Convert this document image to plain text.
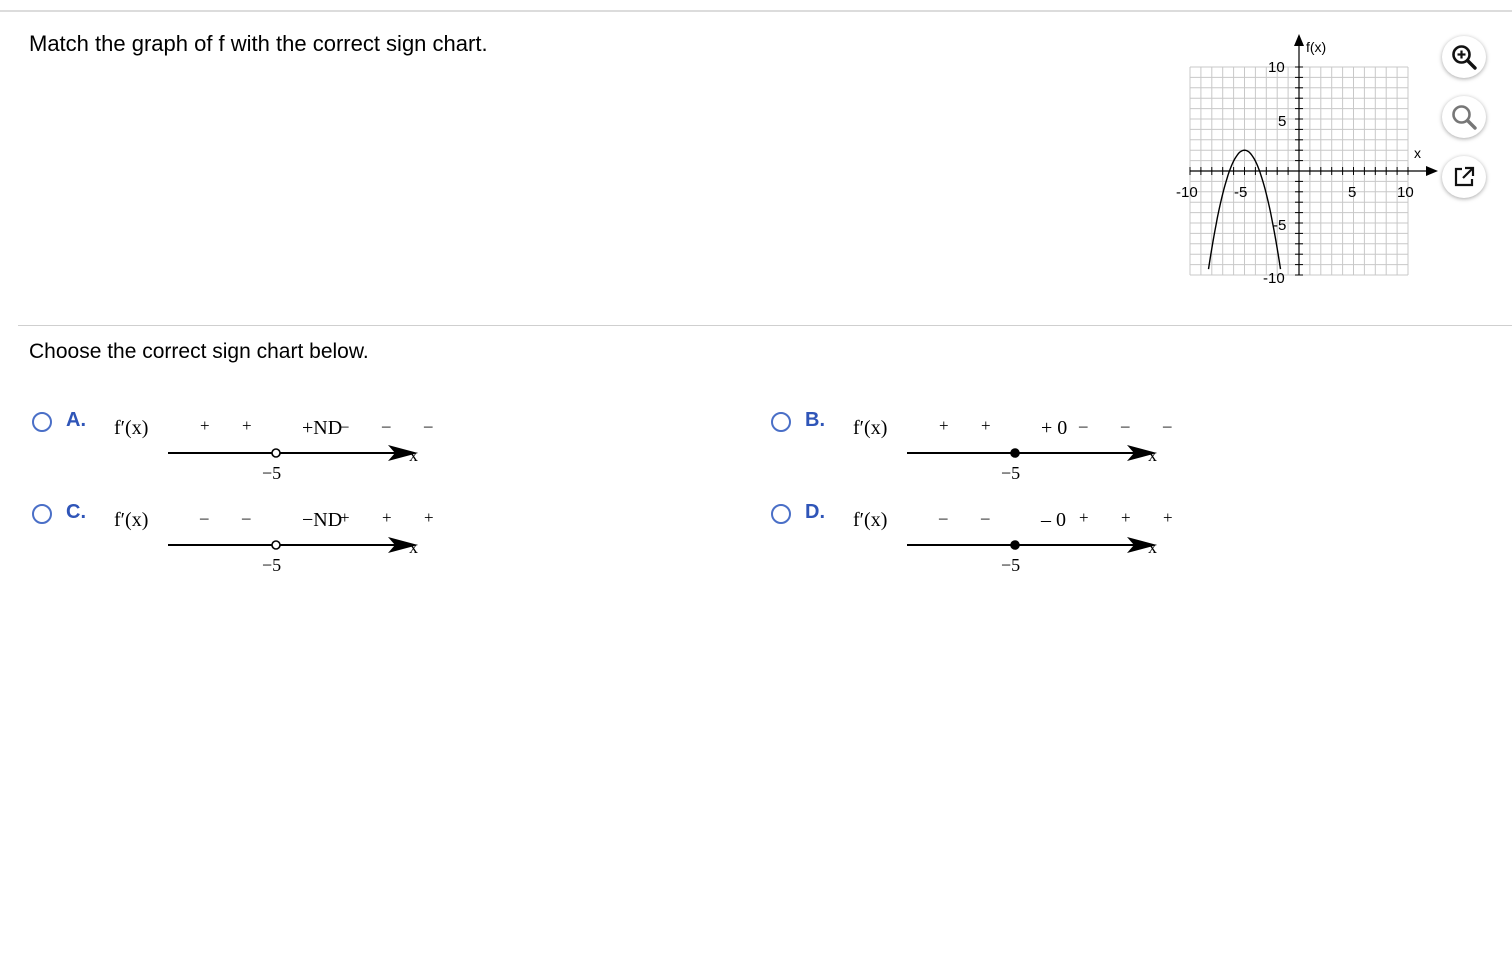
Match the graph of f with the correct sign chart.	f(x)
x
-10 -5	5	10
10
5
-5
-10
Choose the correct sign chart below.
A. f′(x)	+ +	+ND
– – –
x
−5
B. f′(x)	+ +	+ 0 – – –
x
−5
C. f′(x)	– –	−ND
+ + +
x
−5
D. f′(x)	– –	– 0 + + +
x
−5
